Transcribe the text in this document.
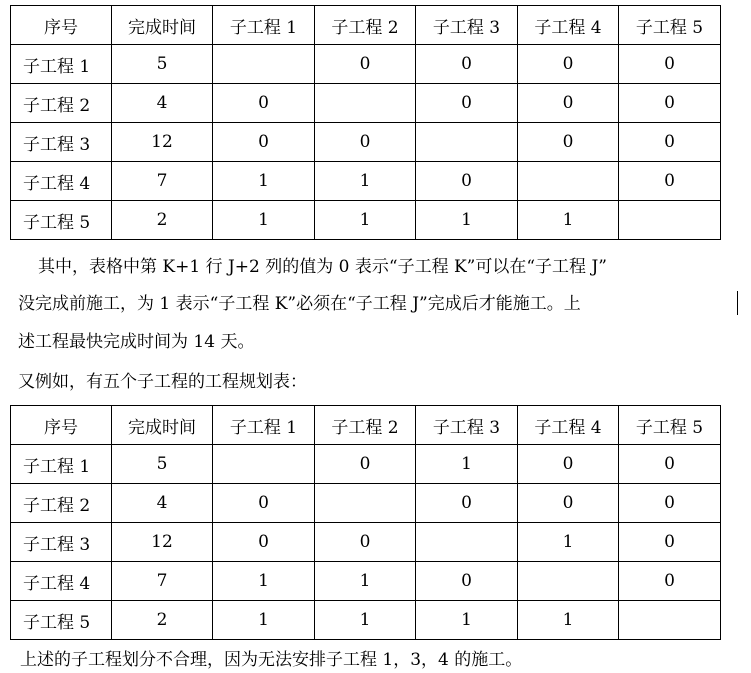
序号	完成时间	子工程 1	子工程 2	子工程 3	子工程 4	子工程 5
子工程 1	5		0	0	0	0
子工程 2	4	0		0	0	0
子工程 3	12	0	0		0	0
子工程 4	7	1	1	0		0
子工程 5	2	1	1	1	1	
其中，表格中第 K+1 行 J+2 列的值为 0 表示“子工程 K”可以在“子工程 J”
没完成前施工，为 1 表示“子工程 K”必须在“子工程 J”完成后才能施工。上
述工程最快完成时间为 14 天。
又例如，有五个子工程的工程规划表：
序号	完成时间	子工程 1	子工程 2	子工程 3	子工程 4	子工程 5
子工程 1	5		0	1	0	0
子工程 2	4	0		0	0	0
子工程 3	12	0	0		1	0
子工程 4	7	1	1	0		0
子工程 5	2	1	1	1	1	
上述的子工程划分不合理，因为无法安排子工程 1，3，4 的施工。
